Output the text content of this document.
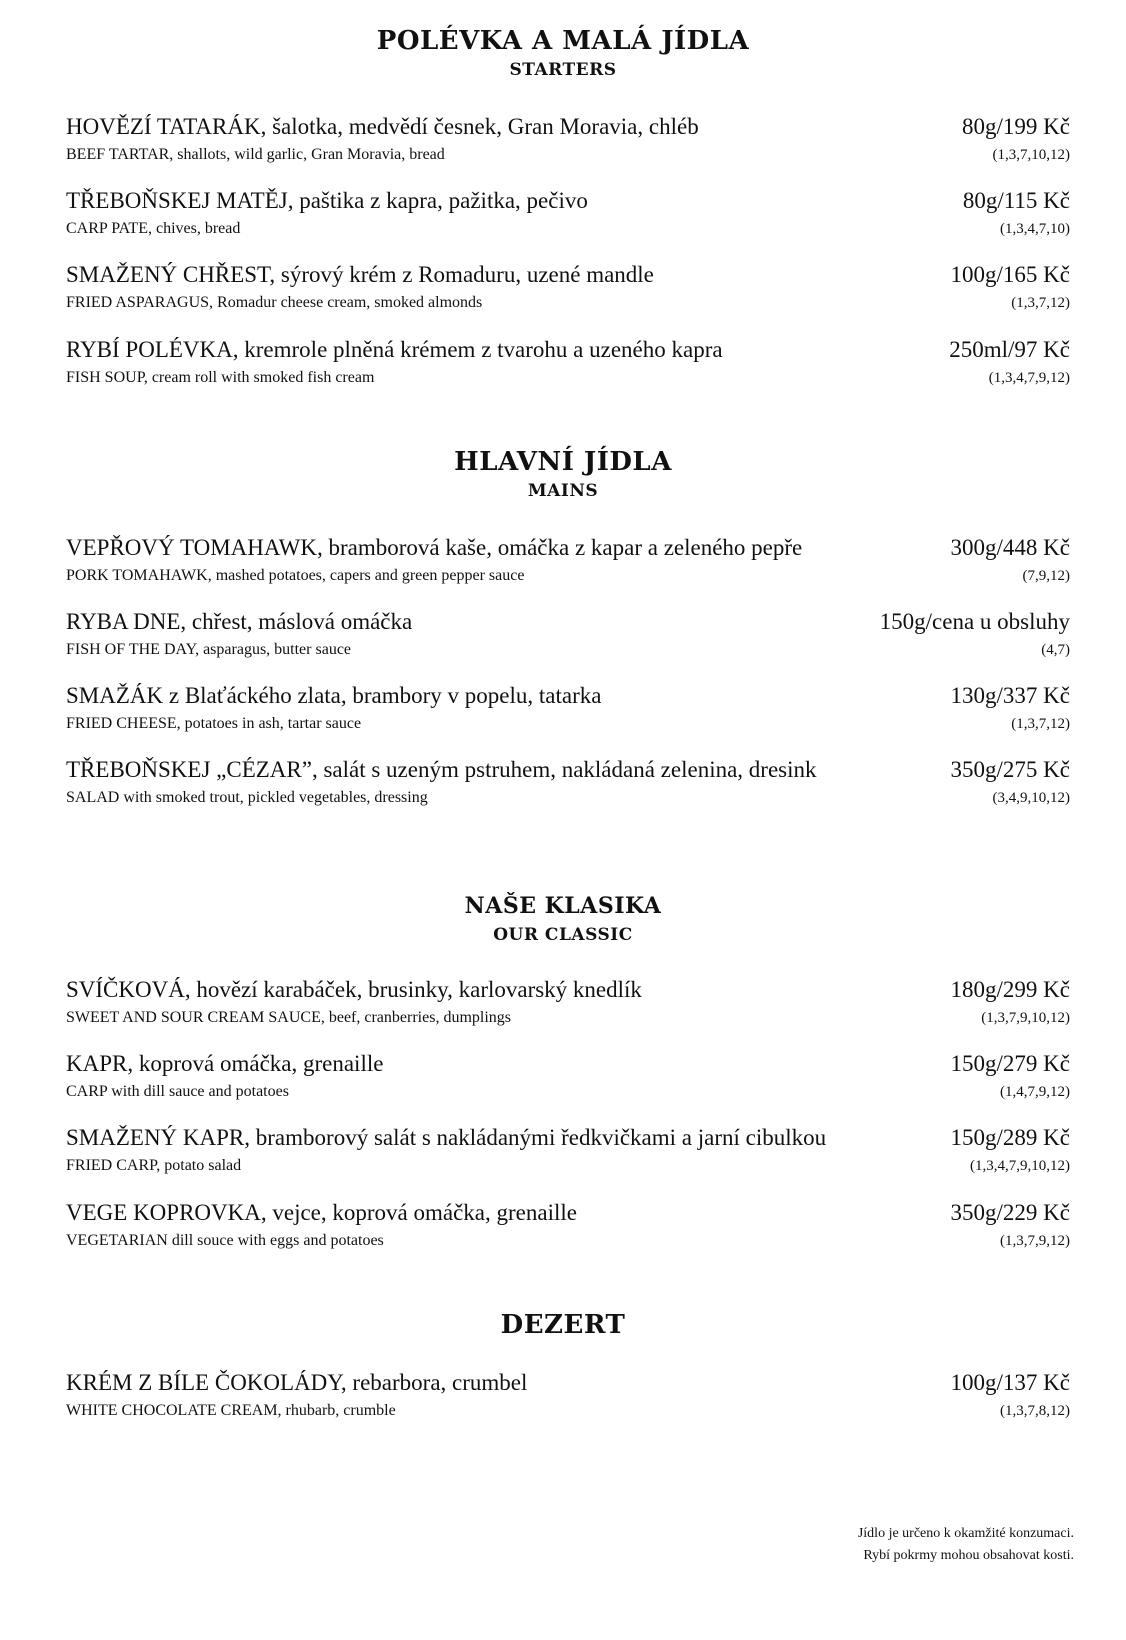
POLÉVKA A MALÁ JÍDLA
STARTERS
HOVĚZÍ TATARÁK, šalotka, medvědí česnek, Gran Moravia, chléb
BEEF TARTAR, shallots, wild garlic, Gran Moravia, bread
80g/199 Kč
(1,3,7,10,12)
TŘEBOŇSKEJ MATĚJ, paštika z kapra, pažitka, pečivo
CARP PATE, chives, bread
80g/115 Kč
(1,3,4,7,10)
SMAŽENÝ CHŘEST, sýrový krém z Romaduru, uzené mandle
FRIED ASPARAGUS, Romadur cheese cream, smoked almonds
100g/165 Kč
(1,3,7,12)
RYBÍ POLÉVKA, kremrole plněná krémem z tvarohu a uzeného kapra
FISH SOUP, cream roll with smoked fish cream
250ml/97 Kč
(1,3,4,7,9,12)
HLAVNÍ JÍDLA
MAINS
VEPŘOVÝ TOMAHAWK, bramborová kaše, omáčka z kapar a zeleného pepře
PORK TOMAHAWK, mashed potatoes, capers and green pepper sauce
300g/448 Kč
(7,9,12)
RYBA DNE, chřest, máslová omáčka
FISH OF THE DAY, asparagus, butter sauce
150g/cena u obsluhy
(4,7)
SMAŽÁK z Blaťáckého zlata, brambory v popelu, tatarka
FRIED CHEESE, potatoes in ash, tartar sauce
130g/337 Kč
(1,3,7,12)
TŘEBOŇSKEJ „CÉZAR”, salát s uzeným pstruhem, nakládaná zelenina, dresink
SALAD with smoked trout, pickled vegetables, dressing
350g/275 Kč
(3,4,9,10,12)
NAŠE KLASIKA
OUR CLASSIC
SVÍČKOVÁ, hovězí karabáček, brusinky, karlovarský knedlík
SWEET AND SOUR CREAM SAUCE, beef, cranberries, dumplings
180g/299 Kč
(1,3,7,9,10,12)
KAPR, koprová omáčka, grenaille
CARP with dill sauce and potatoes
150g/279 Kč
(1,4,7,9,12)
SMAŽENÝ KAPR, bramborový salát s nakládanými ředkvičkami a jarní cibulkou
FRIED CARP, potato salad
150g/289 Kč
(1,3,4,7,9,10,12)
VEGE KOPROVKA, vejce, koprová omáčka, grenaille
VEGETARIAN dill souce with eggs and potatoes
350g/229 Kč
(1,3,7,9,12)
DEZERT
KRÉM Z BÍLE ČOKOLÁDY, rebarbora, crumbel
WHITE CHOCOLATE CREAM, rhubarb, crumble
100g/137 Kč
(1,3,7,8,12)
Jídlo je určeno k okamžité konzumaci.
Rybí pokrmy mohou obsahovat kosti.
